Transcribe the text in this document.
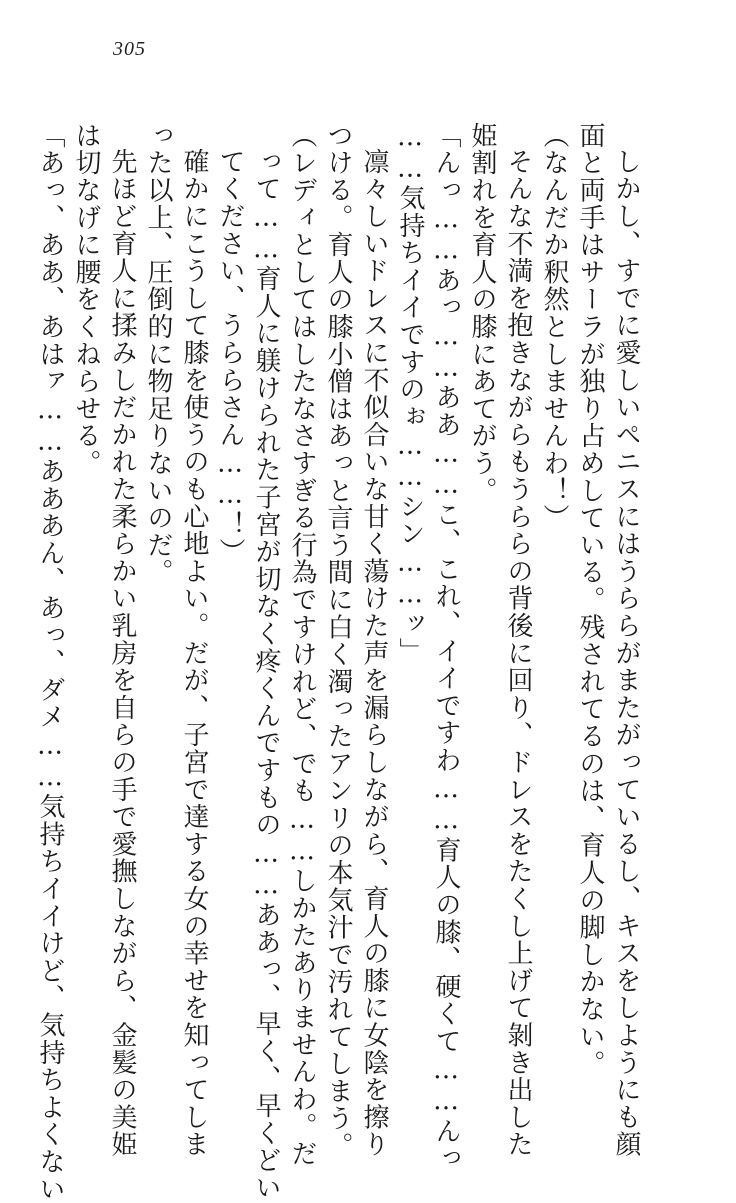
305
しかし、すでに愛しいペニスにはうららがまたがっているし、キスをしようにも顔
面と両手はサーラが独り占めしている。残されてるのは、育人の脚しかない。
（なんだか釈然としませんわ！）
そんな不満を抱きながらもうららの背後に回り、ドレスをたくし上げて剝き出した
姫割れを育人の膝にあてがう。
「んっ……あっ……ああ……こ、これ、イイですわ……育人の膝、硬くて……んっ
……気持ちイイですのぉ……シン……ッ」
凛々しいドレスに不似合いな甘く蕩けた声を漏らしながら、育人の膝に女陰を擦り
つける。育人の膝小僧はあっと言う間に白く濁ったアンリの本気汁で汚れてしまう。
（レディとしてはしたなさすぎる行為ですけれど、でも……しかたありませんわ。だ
って……育人に躾けられた子宮が切なく疼くんですもの……ああっ、早く、早くどい
てください、うららさん……！）
確かにこうして膝を使うのも心地よい。だが、子宮で達する女の幸せを知ってしま
った以上、圧倒的に物足りないのだ。
先ほど育人に揉みしだかれた柔らかい乳房を自らの手で愛撫しながら、金髪の美姫
は切なげに腰をくねらせる。
「あっ、ああ、あはァ……あああん、あっ、ダメ……気持ちイイけど、気持ちよくない
